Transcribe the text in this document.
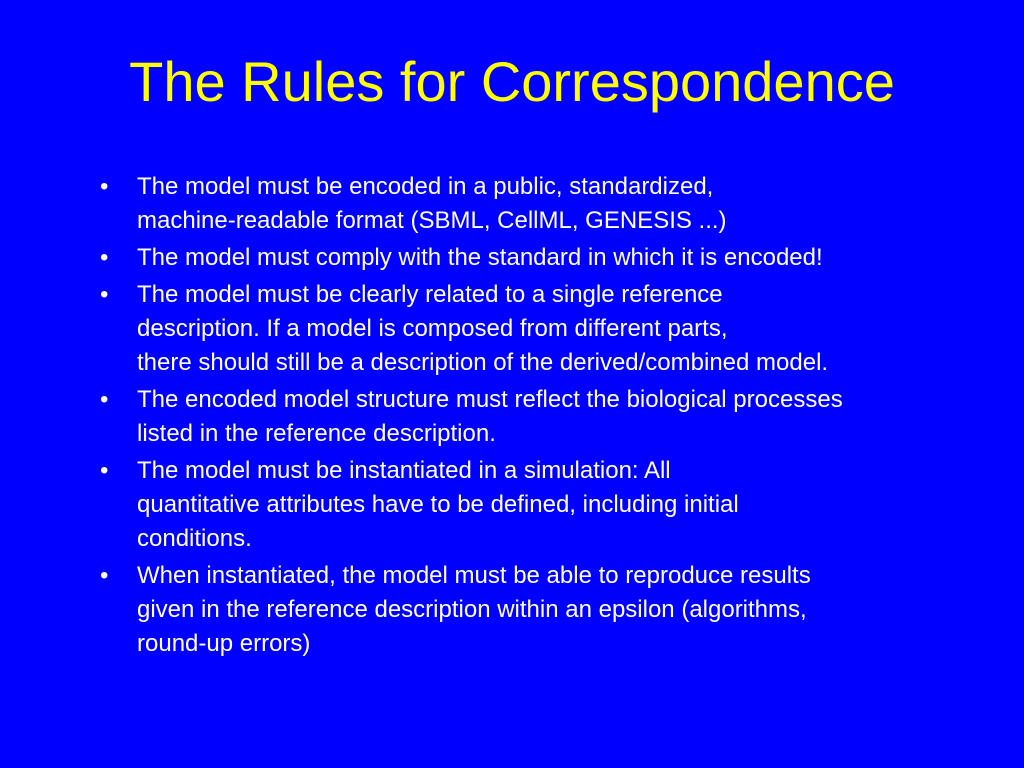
The Rules for Correspondence
•	The model must be encoded in a public, standardized,
machine-readable format (SBML, CellML, GENESIS ...)
•	The model must comply with the standard in which it is encoded!
•	The model must be clearly related to a single reference
description. If a model is composed from different parts,
there should still be a description of the derived/combined model.
•	The encoded model structure must reflect the biological processes
listed in the reference description.
•	The model must be instantiated in a simulation: All
quantitative attributes have to be defined, including initial
conditions.
•	When instantiated, the model must be able to reproduce results
given in the reference description within an epsilon (algorithms,
round-up errors)
